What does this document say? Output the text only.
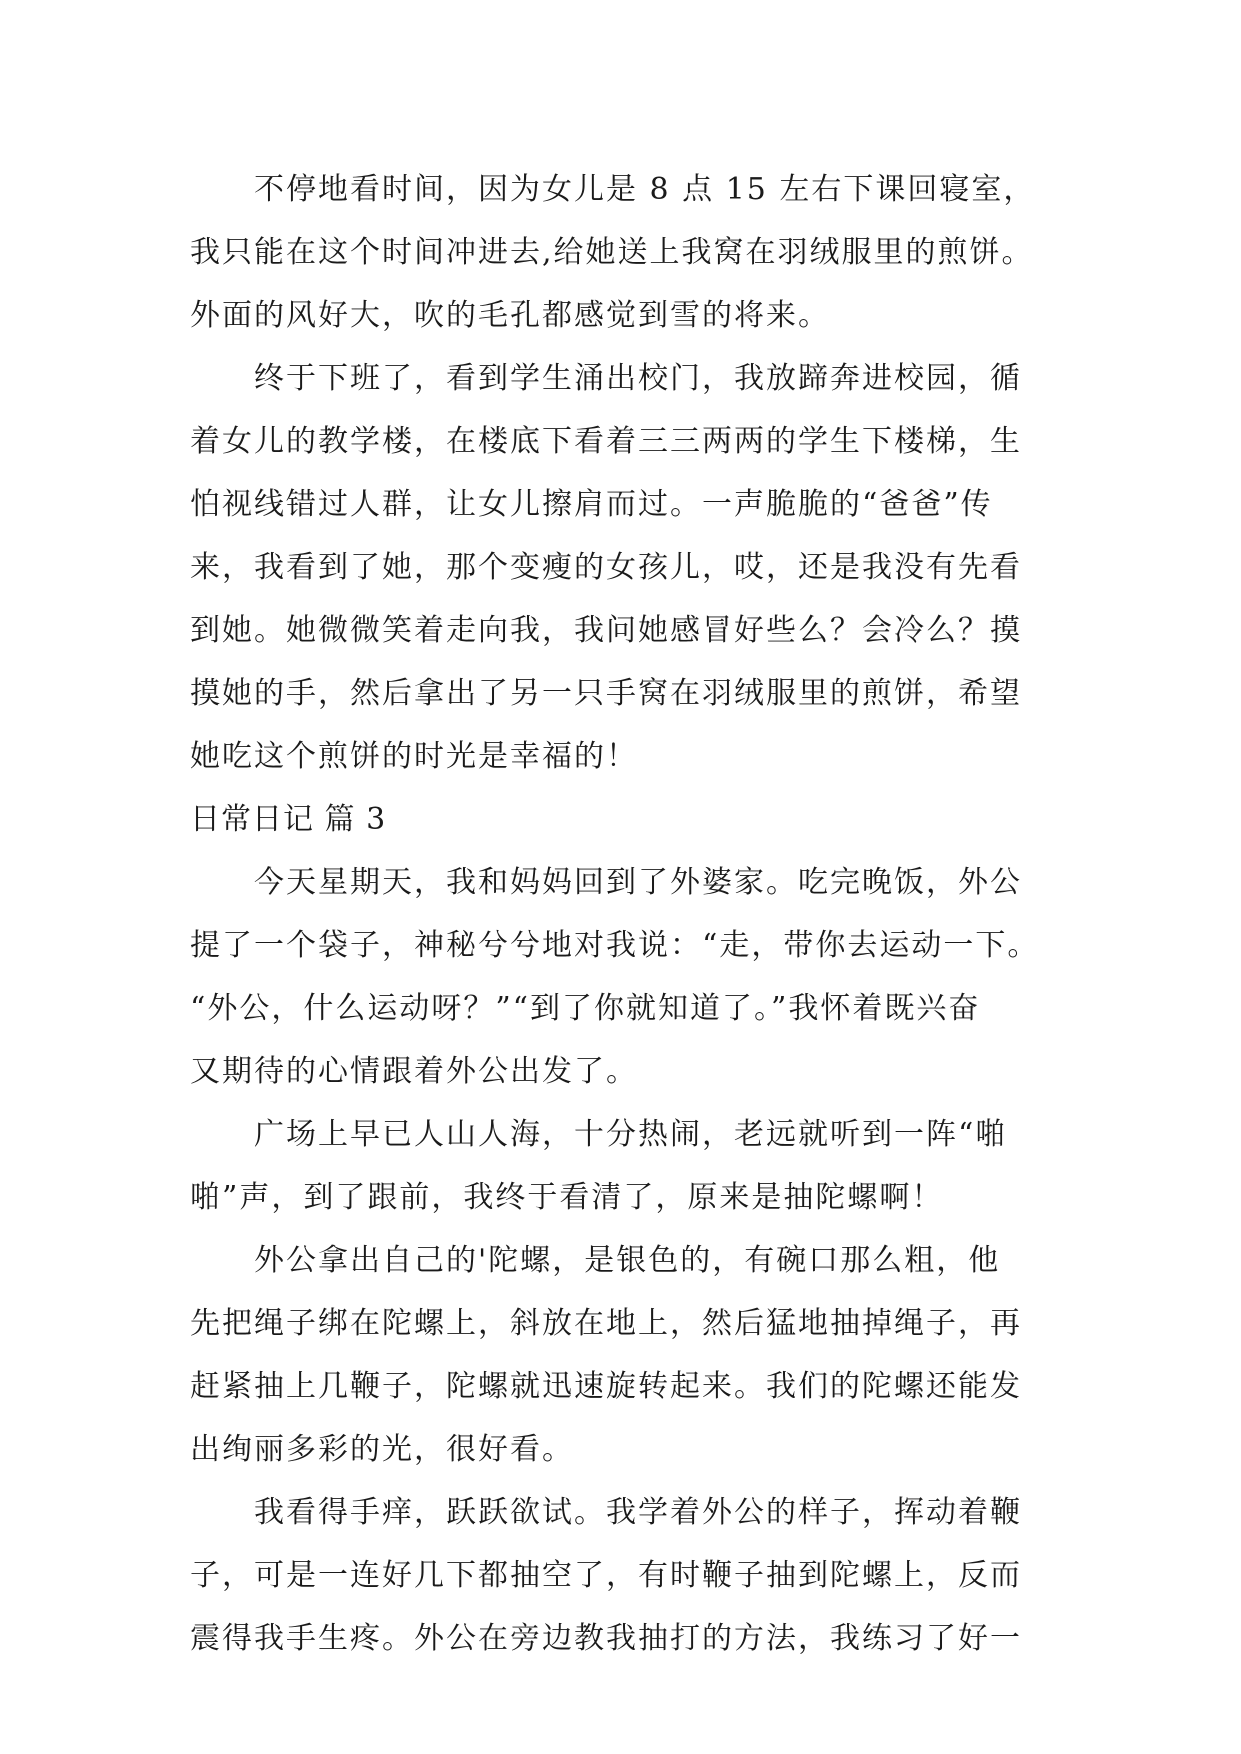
不停地看时间，因为女儿是 8 点 15 左右下课回寝室，
我只能在这个时间冲进去,给她送上我窝在羽绒服里的煎饼。
外面的风好大，吹的毛孔都感觉到雪的将来。
终于下班了，看到学生涌出校门，我放蹄奔进校园，循
着女儿的教学楼，在楼底下看着三三两两的学生下楼梯，生
怕视线错过人群，让女儿擦肩而过。一声脆脆的“爸爸”传
来，我看到了她，那个变瘦的女孩儿，哎，还是我没有先看
到她。她微微笑着走向我，我问她感冒好些么？会冷么？摸
摸她的手，然后拿出了另一只手窝在羽绒服里的煎饼，希望
她吃这个煎饼的时光是幸福的！
日常日记 篇 3
今天星期天，我和妈妈回到了外婆家。吃完晚饭，外公
提了一个袋子，神秘兮兮地对我说：“走，带你去运动一下。
“外公，什么运动呀？”“到了你就知道了。”我怀着既兴奋
又期待的心情跟着外公出发了。
广场上早已人山人海，十分热闹，老远就听到一阵“啪
啪”声，到了跟前，我终于看清了，原来是抽陀螺啊！
外公拿出自己的'陀螺，是银色的，有碗口那么粗，他
先把绳子绑在陀螺上，斜放在地上，然后猛地抽掉绳子，再
赶紧抽上几鞭子，陀螺就迅速旋转起来。我们的陀螺还能发
出绚丽多彩的光，很好看。
我看得手痒，跃跃欲试。我学着外公的样子，挥动着鞭
子，可是一连好几下都抽空了，有时鞭子抽到陀螺上，反而
震得我手生疼。外公在旁边教我抽打的方法，我练习了好一
